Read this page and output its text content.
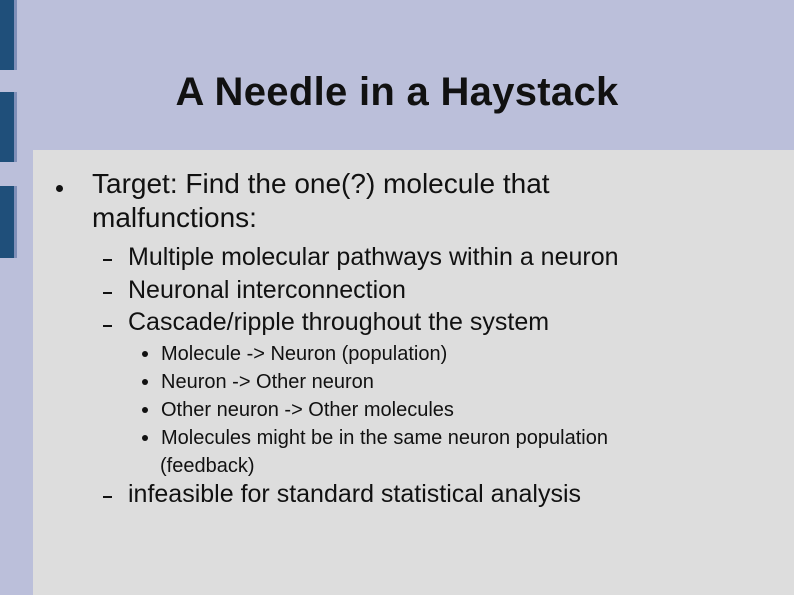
A Needle in a Haystack
Target: Find the one(?) molecule that
malfunctions:
Multiple molecular pathways within a neuron
Neuronal interconnection
Cascade/ripple throughout the system
Molecule -> Neuron (population)
Neuron -> Other neuron
Other neuron -> Other molecules
Molecules might be in the same neuron population
(feedback)
infeasible for standard statistical analysis
